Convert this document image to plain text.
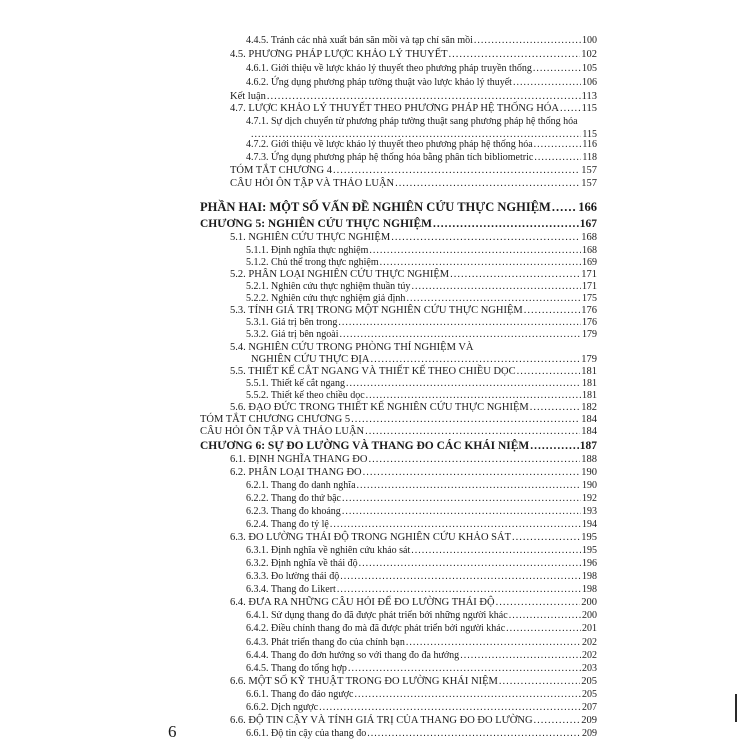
4.4.5. Tránh các nhà xuất bản săn mồi và tạp chí săn mồi .....	100
4.5. PHƯƠNG PHÁP LƯỢC KHẢO LÝ THUYẾT .....	102
4.6.1. Giới thiệu về lược khảo lý thuyết theo phương pháp truyền thống .....	105
4.6.2. Ứng dụng phương pháp tường thuật vào lược khảo lý thuyết .....	106
Kết luận .....	113
4.7. LƯỢC KHẢO LÝ THUYẾT THEO PHƯƠNG PHÁP HỆ THỐNG HÓA ..... 115
4.7.1. Sự dịch chuyển từ phương pháp tường thuật sang phương pháp hệ thống hóa
.....
115
4.7.2. Giới thiệu về lược khảo lý thuyết theo phương pháp hệ thống hóa .....	116
4.7.3. Ứng dụng phương pháp hệ thống hóa bằng phân tích bibliometric .....	118
TÓM TẮT CHƯƠNG 4 .....	157
CÂU HỎI ÔN TẬP VÀ THẢO LUẬN .....	157
PHẦN HAI: MỘT SỐ VẤN ĐỀ NGHIÊN CỨU THỰC NGHIỆM ..... 166
CHƯƠNG 5: NGHIÊN CỨU THỰC NGHIỆM .....	167
5.1. NGHIÊN CỨU THỰC NGHIỆM .....	168
5.1.1. Định nghĩa thực nghiệm .....	168
5.1.2. Chủ thể trong thực nghiệm .....	169
5.2. PHÂN LOẠI NGHIÊN CỨU THỰC NGHIỆM .....	171
5.2.1. Nghiên cứu thực nghiệm thuần túy .....	171
5.2.2. Nghiên cứu thực nghiệm giả định .....	175
5.3. TÍNH GIÁ TRỊ TRONG MỘT NGHIÊN CỨU THỰC NGHIỆM .....	176
5.3.1. Giá trị bên trong .....	176
5.3.2. Giá trị bên ngoài .....	179
5.4. NGHIÊN CỨU TRONG PHÒNG THÍ NGHIỆM VÀ
NGHIÊN CỨU THỰC ĐỊA .....	179
5.5. THIẾT KẾ CẮT NGANG VÀ THIẾT KẾ THEO CHIỀU DỌC .....	181
5.5.1. Thiết kế cắt ngang .....	181
5.5.2. Thiết kế theo chiều dọc .....	181
5.6. ĐẠO ĐỨC TRONG THIẾT KẾ NGHIÊN CỨU THỰC NGHIỆM .....	182
TÓM TẮT CHƯƠNG CHƯƠNG 5 .....	184
CÂU HỎI ÔN TẬP VÀ THẢO LUẬN .....	184
CHƯƠNG 6: SỰ ĐO LƯỜNG VÀ THANG ĐO CÁC KHÁI NIỆM .....	187
6.1. ĐỊNH NGHĨA THANG ĐO .....	188
6.2. PHÂN LOẠI THANG ĐO .....	190
6.2.1. Thang đo danh nghĩa .....	190
6.2.2. Thang đo thứ bậc .....	192
6.2.3. Thang đo khoảng .....	193
6.2.4. Thang đo tỷ lệ .....	194
6.3. ĐO LƯỜNG THÁI ĐỘ TRONG NGHIÊN CỨU KHẢO SÁT .....	195
6.3.1. Định nghĩa về nghiên cứu khảo sát .....	195
6.3.2. Định nghĩa về thái độ .....	196
6.3.3. Đo lường thái độ .....	198
6.3.4. Thang đo Likert .....	198
6.4. ĐƯA RA NHỮNG CÂU HỎI ĐỂ ĐO LƯỜNG THÁI ĐỘ .....	200
6.4.1. Sử dụng thang đo đã được phát triển bởi những người khác .....	200
6.4.2. Điều chỉnh thang đo mà đã được phát triển bởi người khác .....	201
6.4.3. Phát triển thang đo của chính bạn .....	202
6.4.4. Thang đo đơn hướng so với thang đo đa hướng .....	202
6.4.5. Thang đo tổng hợp .....	203
6.6. MỘT SỐ KỸ THUẬT TRONG ĐO LƯỜNG KHÁI NIỆM .....	205
6.6.1. Thang đo đảo ngược .....	205
6.6.2. Dịch ngược .....	207
6.6. ĐỘ TIN CẬY VÀ TÍNH GIÁ TRỊ CỦA THANG ĐO ĐO LƯỜNG .....	209
6.6.1. Độ tin cậy của thang đo .....	209
6
